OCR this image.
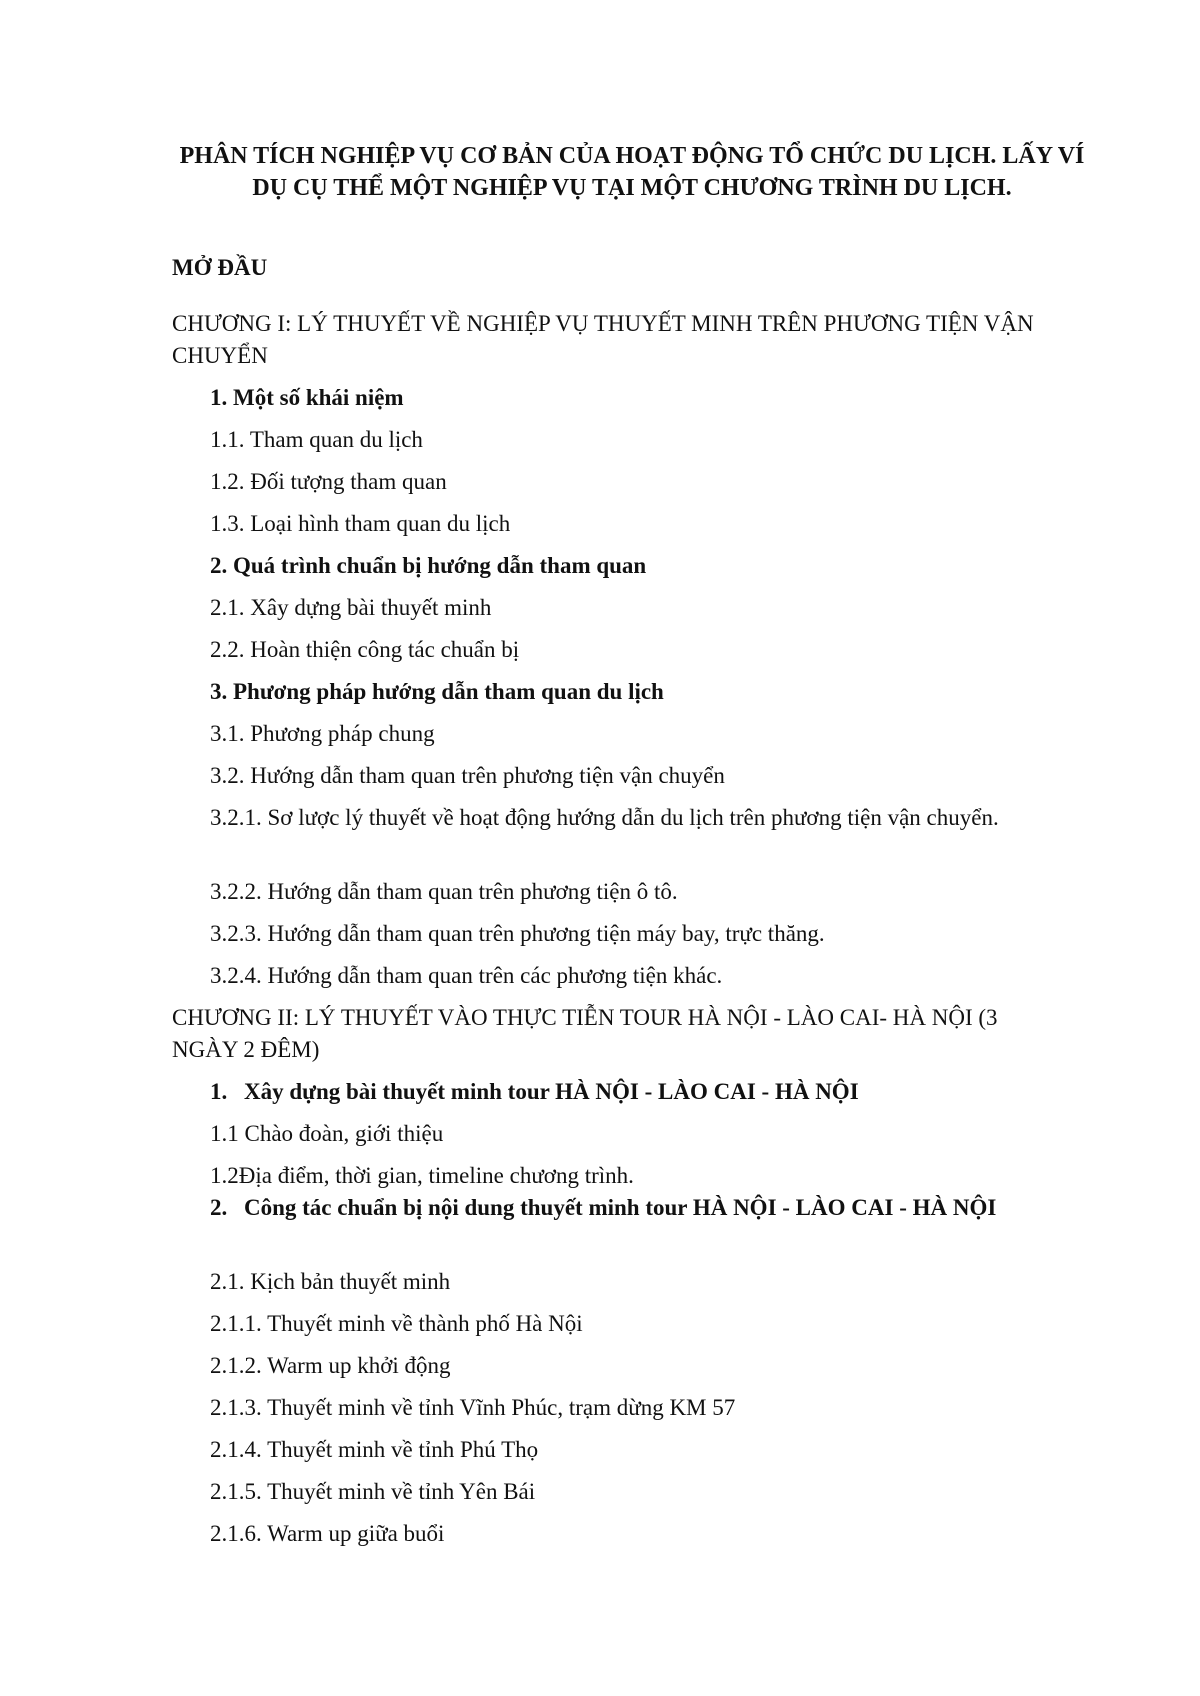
PHÂN TÍCH NGHIỆP VỤ CƠ BẢN CỦA HOẠT ĐỘNG TỔ CHỨC DU LỊCH. LẤY VÍ DỤ CỤ THỂ MỘT NGHIỆP VỤ TẠI MỘT CHƯƠNG TRÌNH DU LỊCH.

MỞ ĐẦU

CHƯƠNG I: LÝ THUYẾT VỀ NGHIỆP VỤ THUYẾT MINH TRÊN PHƯƠNG TIỆN VẬN CHUYỂN

1. Một số khái niệm

1.1. Tham quan du lịch

1.2. Đối tượng tham quan

1.3. Loại hình tham quan du lịch

2. Quá trình chuẩn bị hướng dẫn tham quan

2.1. Xây dựng bài thuyết minh

2.2. Hoàn thiện công tác chuẩn bị

3. Phương pháp hướng dẫn tham quan du lịch

3.1. Phương pháp chung

3.2. Hướng dẫn tham quan trên phương tiện vận chuyển

3.2.1. Sơ lược lý thuyết về hoạt động hướng dẫn du lịch trên phương tiện vận chuyển.

3.2.2. Hướng dẫn tham quan trên phương tiện ô tô.

3.2.3. Hướng dẫn tham quan trên phương tiện máy bay, trực thăng.

3.2.4. Hướng dẫn tham quan trên các phương tiện khác.

CHƯƠNG II: LÝ THUYẾT VÀO THỰC TIỄN TOUR HÀ NỘI - LÀO CAI- HÀ NỘI (3 NGÀY 2 ĐÊM)

1. Xây dựng bài thuyết minh tour HÀ NỘI - LÀO CAI - HÀ NỘI

1.1 Chào đoàn, giới thiệu

1.2Địa điểm, thời gian, timeline chương trình.

2. Công tác chuẩn bị nội dung thuyết minh tour HÀ NỘI - LÀO CAI - HÀ NỘI

2.1. Kịch bản thuyết minh

2.1.1. Thuyết minh về thành phố Hà Nội

2.1.2. Warm up khởi động

2.1.3. Thuyết minh về tỉnh Vĩnh Phúc, trạm dừng KM 57

2.1.4. Thuyết minh về tỉnh Phú Thọ

2.1.5. Thuyết minh về tỉnh Yên Bái

2.1.6. Warm up giữa buổi
